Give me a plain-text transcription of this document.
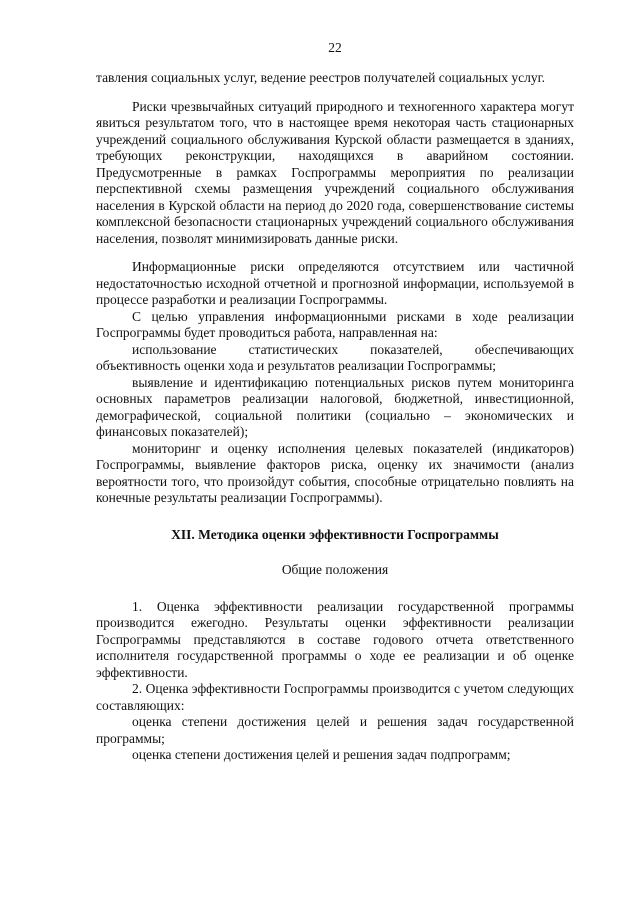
22

тавления социальных услуг, ведение реестров получателей социальных услуг.

Риски чрезвычайных ситуаций природного и техногенного характера могут явиться результатом того, что в настоящее время некоторая часть стационарных учреждений социального обслуживания Курской области размещается в зданиях, требующих реконструкции, находящихся в аварийном состоянии. Предусмотренные в рамках Госпрограммы мероприятия по реализации перспективной схемы размещения учреждений социального обслуживания населения в Курской области на период до 2020 года, совершенствование системы комплексной безопасности стационарных учреждений социального обслуживания населения, позволят минимизировать данные риски.

Информационные риски определяются отсутствием или частичной недостаточностью исходной отчетной и прогнозной информации, используемой в процессе разработки и реализации Госпрограммы.

С целью управления информационными рисками в ходе реализации Госпрограммы будет проводиться работа, направленная на:

использование статистических показателей, обеспечивающих объективность оценки хода и результатов реализации Госпрограммы;

выявление и идентификацию потенциальных рисков путем мониторинга основных параметров реализации налоговой, бюджетной, инвестиционной, демографической, социальной политики (социально – экономических и финансовых показателей);

мониторинг и оценку исполнения целевых показателей (индикаторов) Госпрограммы, выявление факторов риска, оценку их значимости (анализ вероятности того, что произойдут события, способные отрицательно повлиять на конечные результаты реализации Госпрограммы).

XII. Методика оценки эффективности Госпрограммы
Общие положения

1. Оценка эффективности реализации государственной программы производится ежегодно. Результаты оценки эффективности реализации Госпрограммы представляются в составе годового отчета ответственного исполнителя государственной программы о ходе ее реализации и об оценке эффективности.

2. Оценка эффективности Госпрограммы производится с учетом следующих составляющих:

оценка степени достижения целей и решения задач государственной программы;

оценка степени достижения целей и решения задач подпрограмм;
